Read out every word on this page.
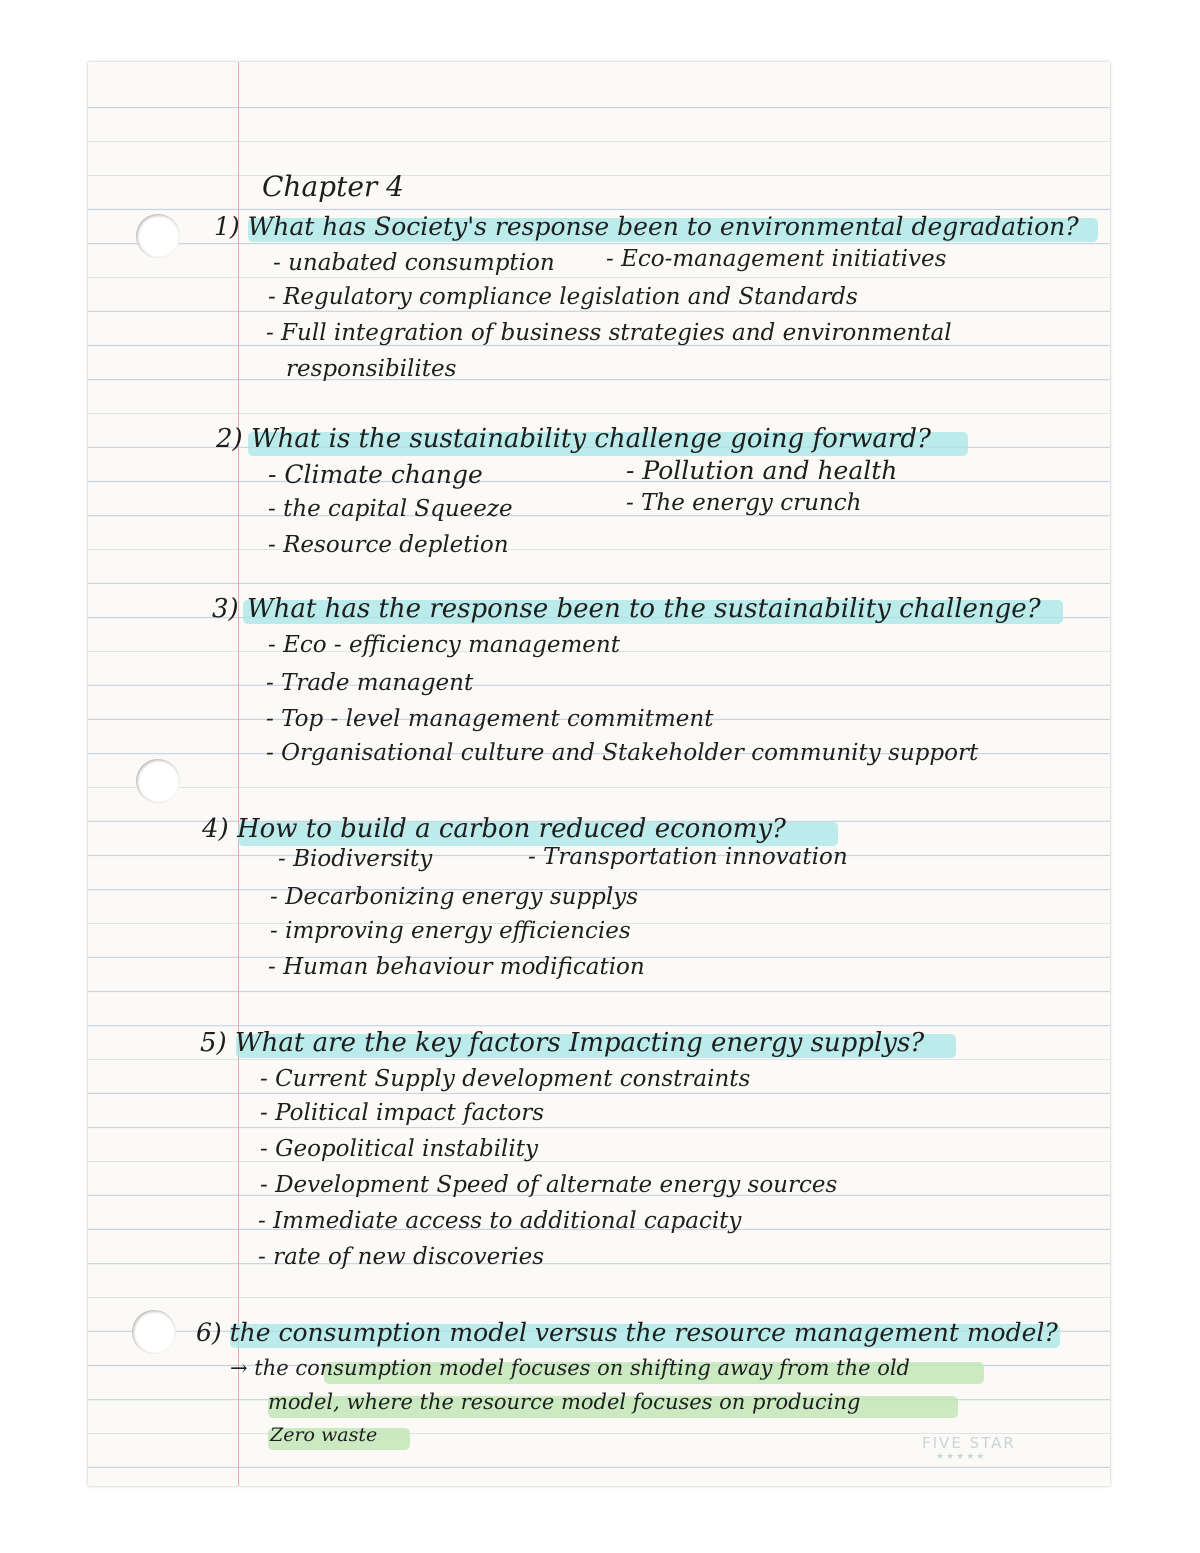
Chapter 4
1) What has Society's response been to environmental degradation?
- unabated consumption - Eco-management initiatives
- Regulatory compliance legislation and Standards
- Full integration of business strategies and environmental
responsibilites
2) What is the sustainability challenge going forward?
- Climate change	- Pollution and health
- the capital Squeeze	- The energy crunch
- Resource depletion
3) What has the response been to the sustainability challenge?
- Eco - efficiency management
- Trade managent
- Top - level management commitment
- Organisational culture and Stakeholder community support
4) How to build a carbon reduced economy?
- Biodiversity	- Transportation innovation
- Decarbonizing energy supplys
- improving energy efficiencies
- Human behaviour modification
5) What are the key factors Impacting energy supplys?
- Current Supply development constraints
- Political impact factors
- Geopolitical instability
- Development Speed of alternate energy sources
- Immediate access to additional capacity
- rate of new discoveries
6) the consumption model versus the resource management model?
→ the consumption model focuses on shifting away from the old
model, where the resource model focuses on producing
Zero waste	FIVE STAR
★★★★★
